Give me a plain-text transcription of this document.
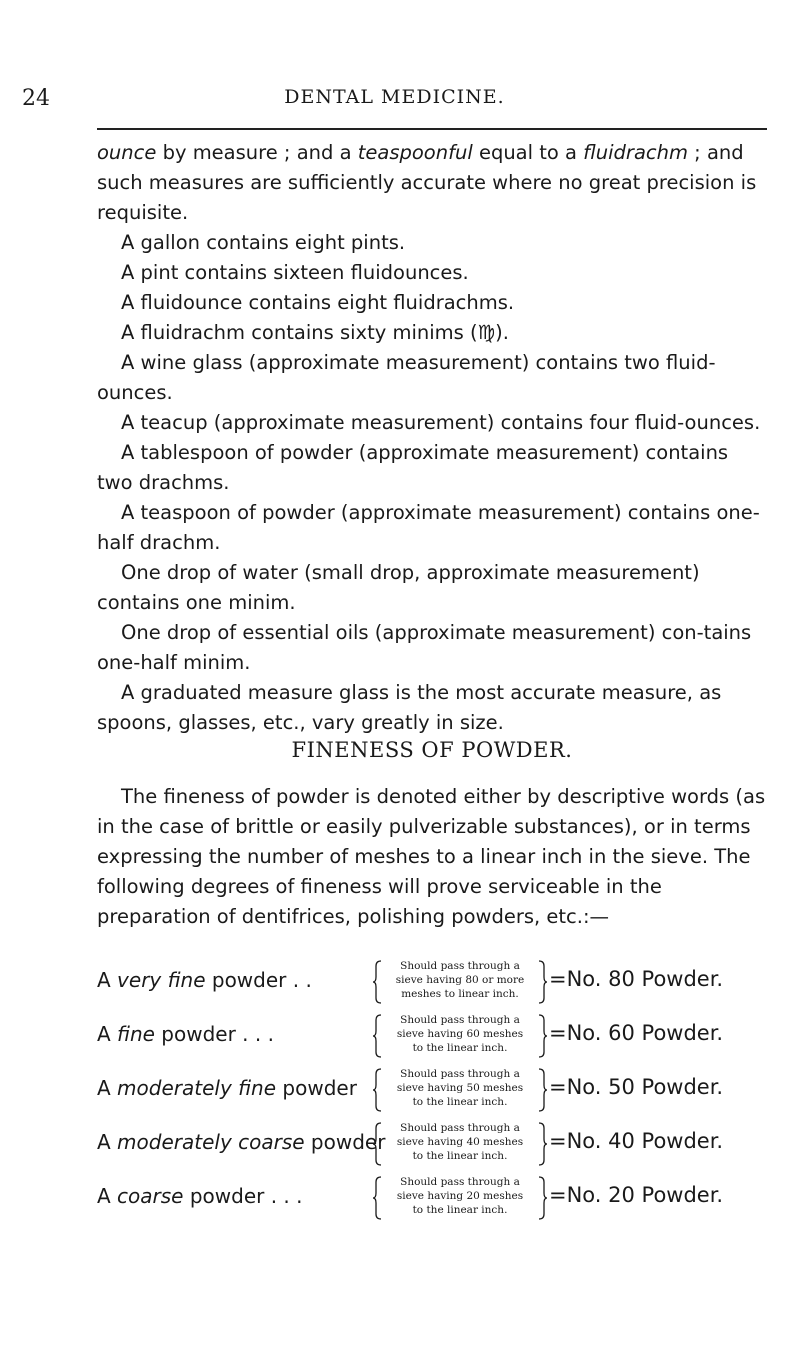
24	DENTAL MEDICINE.

ounce by measure ; and a teaspoonful equal to a fluidrachm ; and such measures are sufficiently accurate where no great precision is requisite.

A gallon contains eight pints.

A pint contains sixteen fluidounces.

A fluidounce contains eight fluidrachms.

A fluidrachm contains sixty minims (♍).

A wine glass (approximate measurement) contains two fluid-ounces.

A teacup (approximate measurement) contains four fluid-ounces.

A tablespoon of powder (approximate measurement) contains two drachms.

A teaspoon of powder (approximate measurement) contains one-half drachm.

One drop of water (small drop, approximate measurement) contains one minim.

One drop of essential oils (approximate measurement) con-tains one-half minim.

A graduated measure glass is the most accurate measure, as spoons, glasses, etc., vary greatly in size.

FINENESS OF POWDER.

The fineness of powder is denoted either by descriptive words (as in the case of brittle or easily pulverizable substances), or in terms expressing the number of meshes to a linear inch in the sieve. The following degrees of fineness will prove serviceable in the preparation of dentifrices, polishing powders, etc.:—

A very fine powder . .
Should pass through a
sieve having 80 or more
meshes to linear inch.
=No. 80 Powder.
A fine powder . . .
Should pass through a
sieve having 60 meshes
to the linear inch.
=No. 60 Powder.
A moderately fine powder
Should pass through a
sieve having 50 meshes
to the linear inch.
=No. 50 Powder.
A moderately coarse powder
Should pass through a
sieve having 40 meshes
to the linear inch.
=No. 40 Powder.
A coarse powder . . .
Should pass through a
sieve having 20 meshes
to the linear inch.
=No. 20 Powder.
